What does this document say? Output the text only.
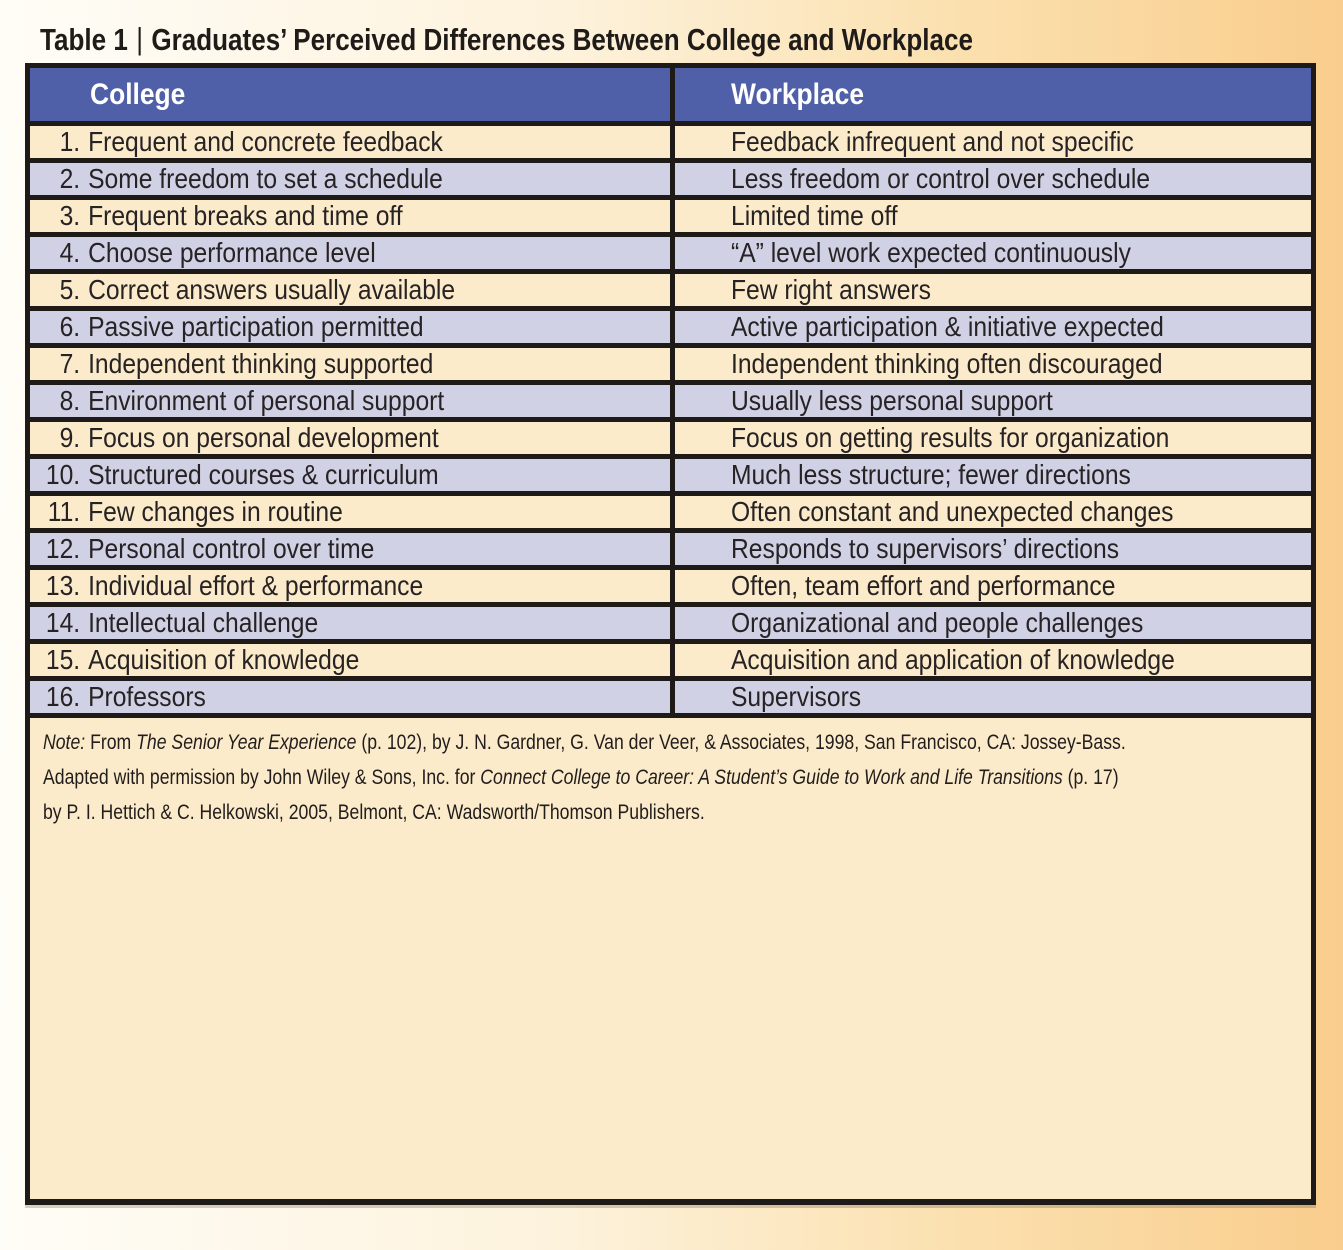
Table 1 | Graduates’ Perceived Differences Between College and Workplace
College	Workplace
1. Frequent and concrete feedback	Feedback infrequent and not specific
2. Some freedom to set a schedule	Less freedom or control over schedule
3. Frequent breaks and time off	Limited time off
4. Choose performance level	“A” level work expected continuously
5. Correct answers usually available	Few right answers
6. Passive participation permitted	Active participation & initiative expected
7. Independent thinking supported	Independent thinking often discouraged
8. Environment of personal support	Usually less personal support
9. Focus on personal development	Focus on getting results for organization
10. Structured courses & curriculum	Much less structure; fewer directions
11. Few changes in routine	Often constant and unexpected changes
12. Personal control over time	Responds to supervisors’ directions
13. Individual effort & performance	Often, team effort and performance
14. Intellectual challenge	Organizational and people challenges
15. Acquisition of knowledge	Acquisition and application of knowledge
16. Professors	Supervisors
Note: From The Senior Year Experience (p. 102), by J. N. Gardner, G. Van der Veer, & Associates, 1998, San Francisco, CA: Jossey-Bass.
Adapted with permission by John Wiley & Sons, Inc. for Connect College to Career: A Student’s Guide to Work and Life Transitions (p. 17)
by P. I. Hettich & C. Helkowski, 2005, Belmont, CA: Wadsworth/Thomson Publishers.
